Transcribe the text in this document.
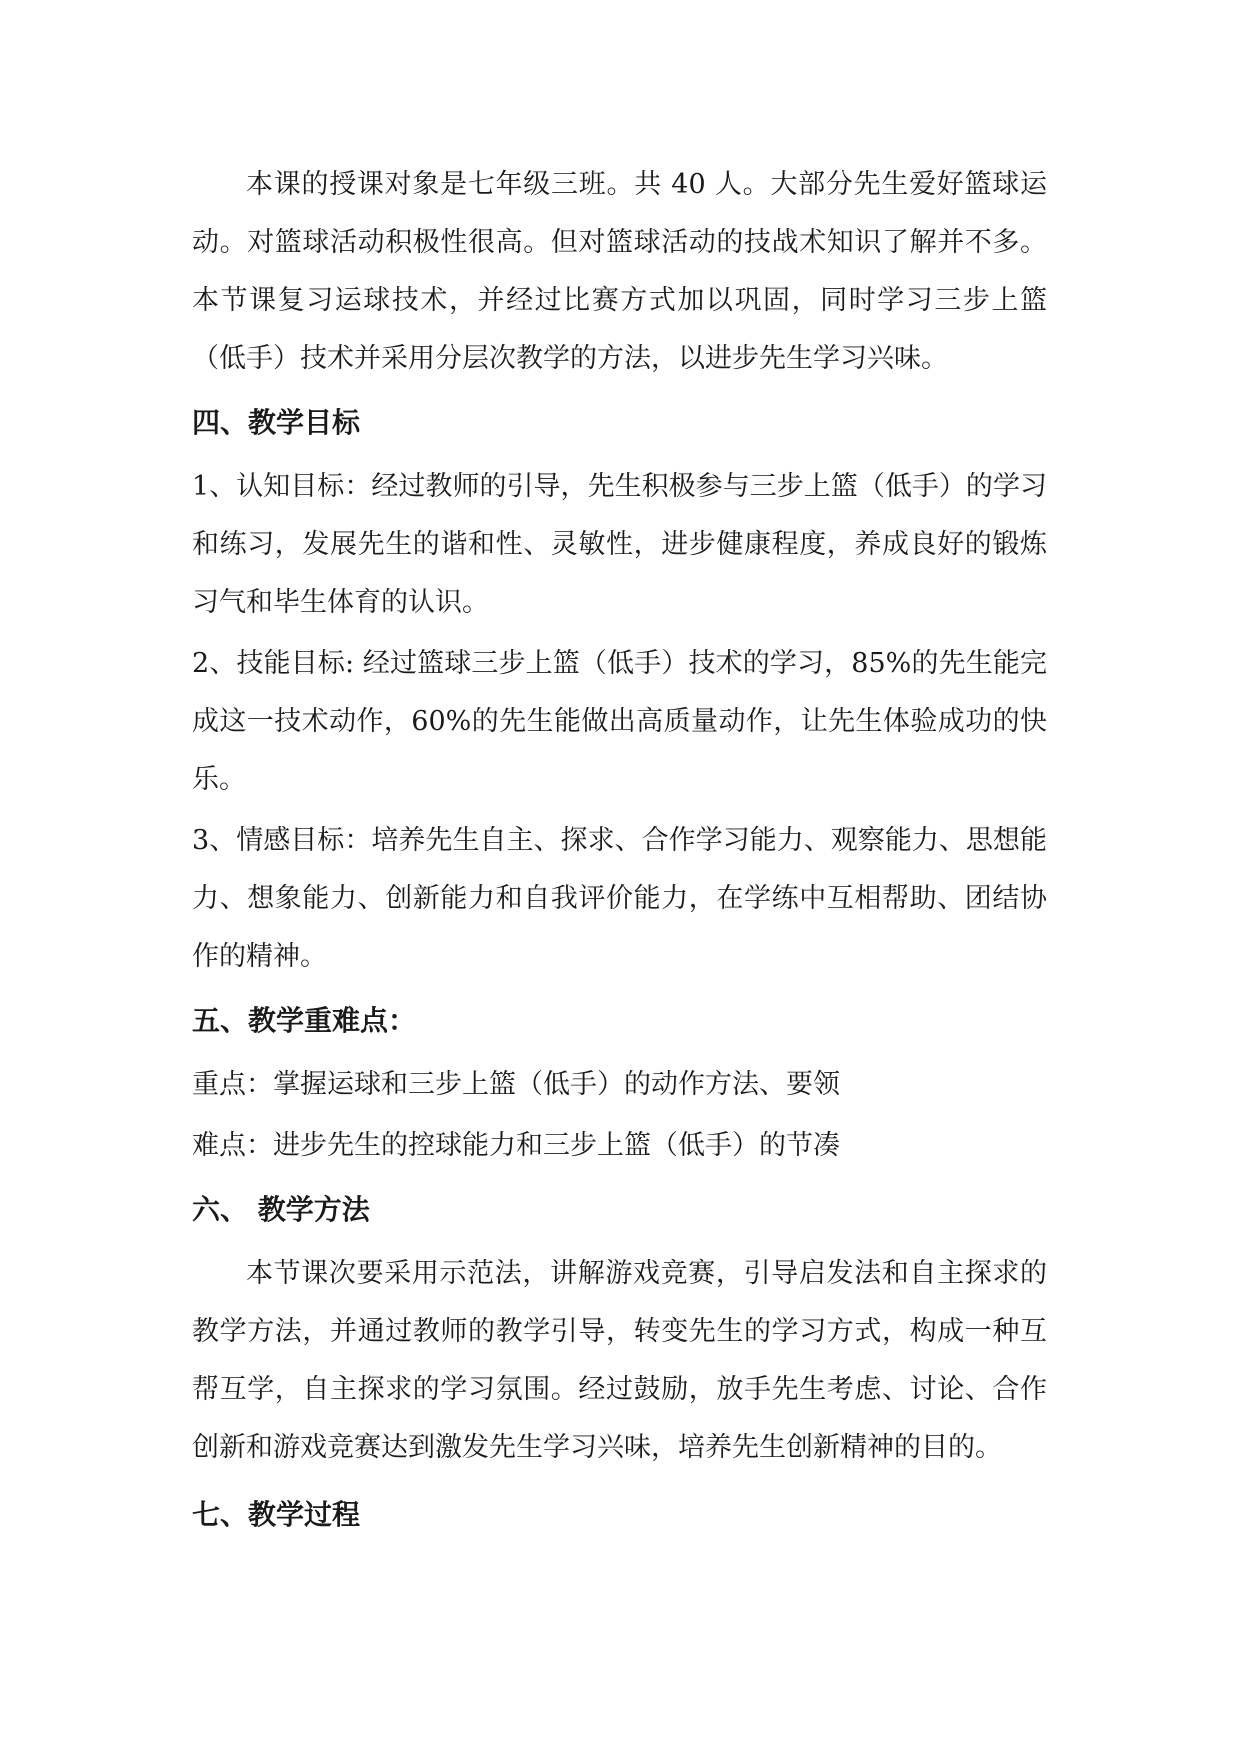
本课的授课对象是七年级三班。共 40 人。大部分先生爱好篮球运动。对篮球活动积极性很高。但对篮球活动的技战术知识了解并不多。本节课复习运球技术，并经过比赛方式加以巩固，同时学习三步上篮（低手）技术并采用分层次教学的方法，以进步先生学习兴味。

四、教学目标

1、认知目标：经过教师的引导，先生积极参与三步上篮（低手）的学习和练习，发展先生的谐和性、灵敏性，进步健康程度，养成良好的锻炼习气和毕生体育的认识。

2、技能目标: 经过篮球三步上篮（低手）技术的学习，85%的先生能完成这一技术动作，60%的先生能做出高质量动作，让先生体验成功的快乐。

3、情感目标：培养先生自主、探求、合作学习能力、观察能力、思想能力、想象能力、创新能力和自我评价能力，在学练中互相帮助、团结协作的精神。

五、教学重难点：

重点：掌握运球和三步上篮（低手）的动作方法、要领

难点：进步先生的控球能力和三步上篮（低手）的节凑

六、 教学方法

本节课次要采用示范法，讲解游戏竞赛，引导启发法和自主探求的教学方法，并通过教师的教学引导，转变先生的学习方式，构成一种互帮互学，自主探求的学习氛围。经过鼓励，放手先生考虑、讨论、合作创新和游戏竞赛达到激发先生学习兴味，培养先生创新精神的目的。

七、教学过程
